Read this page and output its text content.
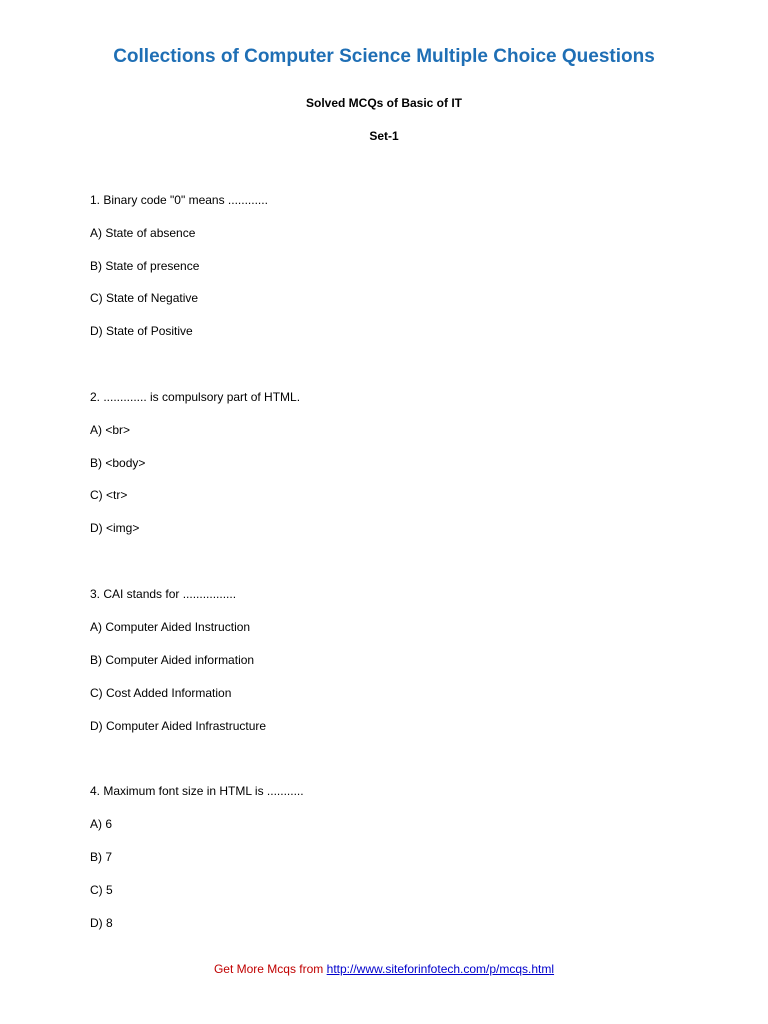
Collections of Computer Science Multiple Choice Questions
Solved MCQs of Basic of IT
Set-1
1. Binary code "0" means ............
A) State of absence
B) State of presence
C) State of Negative
D) State of Positive
2. ............. is compulsory part of HTML.
A) <br>
B) <body>
C) <tr>
D) <img>
3. CAI stands for ................
A) Computer Aided Instruction
B) Computer Aided information
C) Cost Added Information
D) Computer Aided Infrastructure
4. Maximum font size in HTML is ...........
A) 6
B) 7
C) 5
D) 8
Get More Mcqs from http://www.siteforinfotech.com/p/mcqs.html
